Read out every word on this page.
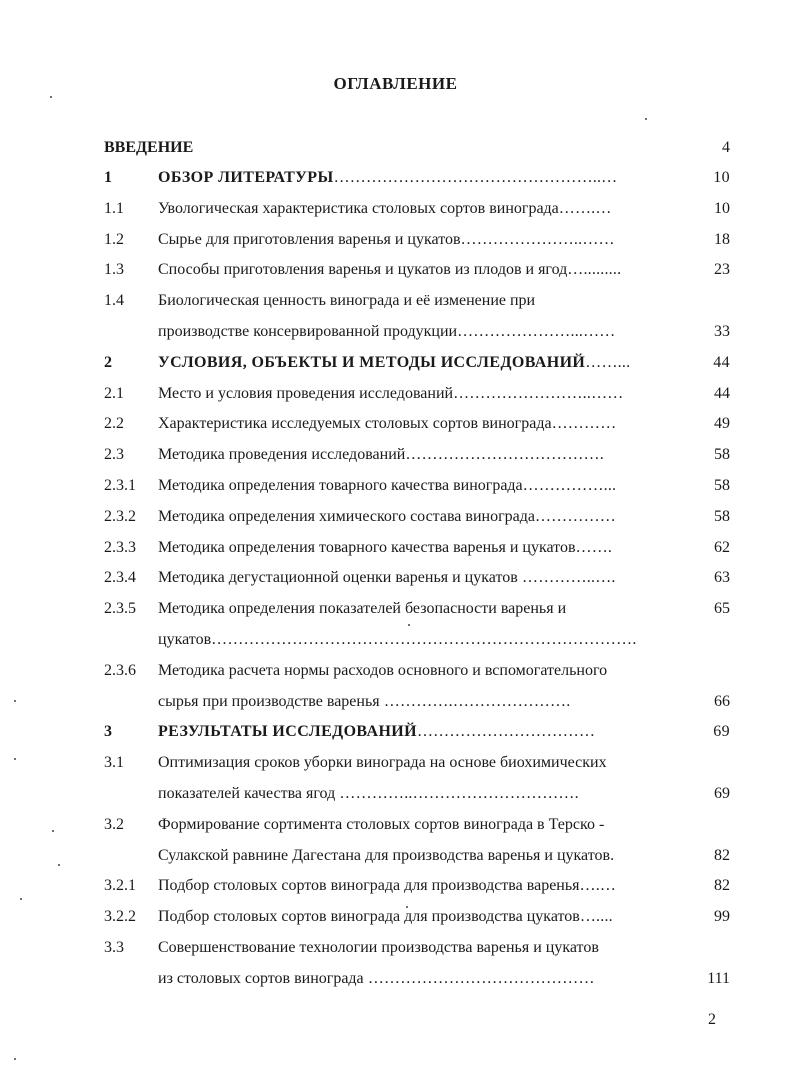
ОГЛАВЛЕНИЕ
ВВЕДЕНИЕ	4
1	ОБЗОР ЛИТЕРАТУРЫ…………………………………………..…	10
1.1 Увологическая характеристика столовых сортов винограда…….…	10
1.2 Сырье для приготовления варенья и цукатов…………………..……	18
1.3 Способы приготовления варенья и цукатов из плодов и ягод….........	23
1.4 Биологическая ценность винограда и её изменение при
производстве консервированной продукции…………………...……	33
2	УСЛОВИЯ, ОБЪЕКТЫ И МЕТОДЫ ИССЛЕДОВАНИЙ……...	44
2.1 Место и условия проведения исследований……………………..……	44
2.2 Характеристика исследуемых столовых сортов винограда…………	49
2.3 Методика проведения исследований……………………………….	58
2.3.1 Методика определения товарного качества винограда……………...	58
2.3.2 Методика определения химического состава винограда……………	58
2.3.3 Методика определения товарного качества варенья и цукатов…….	62
2.3.4 Методика дегустационной оценки варенья и цукатов …………..….	63
2.3.5 Методика определения показателей безопасности варенья и	65
цукатов…………………………………………………………………….
2.3.6 Методика расчета нормы расходов основного и вспомогательного
сырья при производстве варенья ………….………………….	66
3	РЕЗУЛЬТАТЫ ИССЛЕДОВАНИЙ……………………………	69
3.1 Оптимизация сроков уборки винограда на основе биохимических
показателей качества ягод …………..………………………….	69
3.2 Формирование сортимента столовых сортов винограда в Терско -
Сулакской равнине Дагестана для производства варенья и цукатов.	82
3.2.1 Подбор столовых сортов винограда для производства варенья….…	82
3.2.2 Подбор столовых сортов винограда для производства цукатов…....	99
3.3 Совершенствование технологии производства варенья и цукатов
из столовых сортов винограда ……………………………………	111
2
